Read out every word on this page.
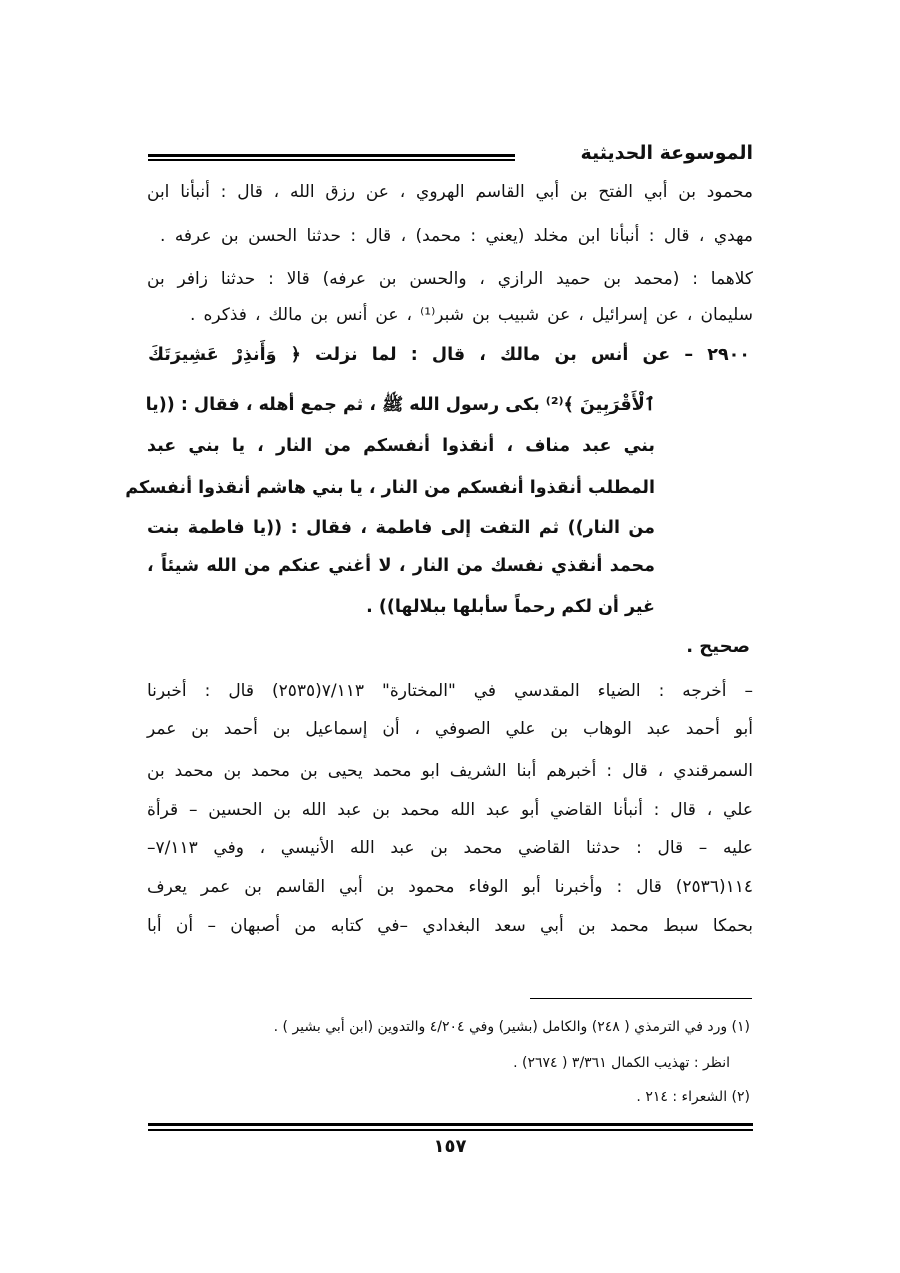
الموسوعة الحديثية
محمود بن أبي الفتح بن أبي القاسم الهروي ، عن رزق الله ، قال : أنبأنا ابن
مهدي ، قال : أنبأنا ابن مخلد (يعني : محمد) ، قال : حدثنا الحسن بن عرفه .
كلاهما : (محمد بن حميد الرازي ، والحسن بن عرفه) قالا : حدثنا زافر بن
سليمان ، عن إسرائيل ، عن شبيب بن شبر⁽¹⁾ ، عن أنس بن مالك ، فذكره .
٢٩٠٠ – عن أنس بن مالك ، قال : لما نزلت ﴿ وَأَنذِرْ عَشِيرَتَكَ
ٱلْأَقْرَبِينَ ﴾⁽²⁾ بكى رسول الله ﷺ ، ثم جمع أهله ، فقال : ((يا
بني عبد مناف ، أنقذوا أنفسكم من النار ، يا بني عبد
المطلب أنقذوا أنفسكم من النار ، يا بني هاشم أنقذوا أنفسكم
من النار)) ثم التفت إلى فاطمة ، فقال : ((يا فاطمة بنت
محمد أنقذي نفسك من النار ، لا أغني عنكم من الله شيئاً ،
غير أن لكم رحماً سأبلها ببلالها)) .
صحيح .
– أخرجه : الضياء المقدسي في "المختارة" ٧/١١٣(٢٥٣٥) قال : أخبرنا
أبو أحمد عبد الوهاب بن علي الصوفي ، أن إسماعيل بن أحمد بن عمر
السمرقندي ، قال : أخبرهم أبنا الشريف ابو محمد يحيى بن محمد بن محمد بن
علي ، قال : أنبأنا القاضي أبو عبد الله محمد بن عبد الله بن الحسين – قرأة
عليه – قال : حدثنا القاضي محمد بن عبد الله الأنيسي ، وفي ٧/١١٣–
١١٤(٢٥٣٦) قال : وأخبرنا أبو الوفاء محمود بن أبي القاسم بن عمر يعرف
بحمكا سبط محمد بن أبي سعد البغدادي –في كتابه من أصبهان – أن أبا
(١) ورد في الترمذي ( ٢٤٨) والكامل (بشير) وفي ٤/٢٠٤ والتدوين (ابن أبي بشير ) .
انظر : تهذيب الكمال ٣/٣٦١ ( ٢٦٧٤) .
(٢) الشعراء : ٢١٤ .
١٥٧
